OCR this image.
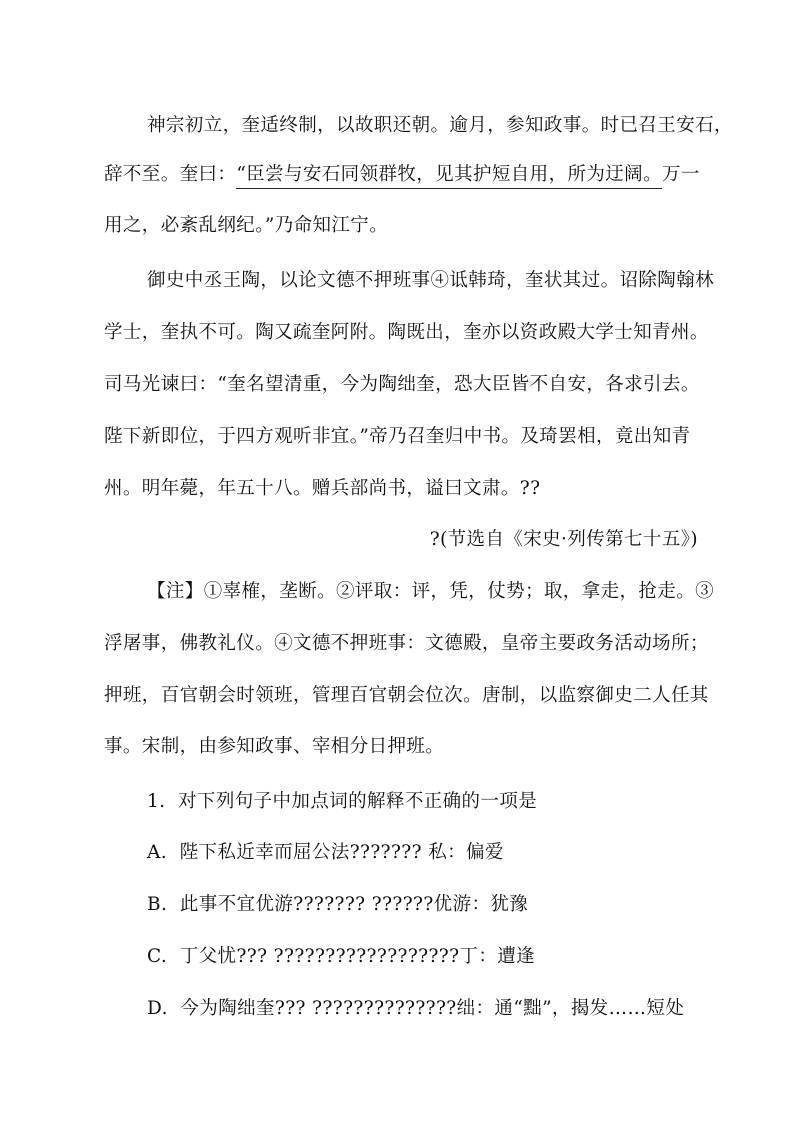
神宗初立，奎适终制，以故职还朝。逾月，参知政事。时已召王安石，
辞不至。奎曰：“臣尝与安石同领群牧，见其护短自用，所为迂阔。万一
用之，必紊乱纲纪。”乃命知江宁。
御史中丞王陶，以论文德不押班事④诋韩琦，奎状其过。诏除陶翰林
学士，奎执不可。陶又疏奎阿附。陶既出，奎亦以资政殿大学士知青州。
司马光谏曰：“奎名望清重，今为陶绌奎，恐大臣皆不自安，各求引去。
陛下新即位，于四方观听非宜。”帝乃召奎归中书。及琦罢相，竟出知青
州。明年薨，年五十八。赠兵部尚书，谥曰文肃。??
?(节选自《宋史·列传第七十五》)
【注】①辜榷，垄断。②评取：评，凭，仗势；取，拿走，抢走。③
浮屠事，佛教礼仪。④文德不押班事：文德殿，皇帝主要政务活动场所；
押班，百官朝会时领班，管理百官朝会位次。唐制，以监察御史二人任其
事。宋制，由参知政事、宰相分日押班。
1. 对下列句子中加点词的解释不正确的一项是
A. 陛下私近幸而屈公法??????? 私：偏爱
B. 此事不宜优游??????? ??????优游：犹豫
C. 丁父忧??? ??????????????????丁：遭逢
D. 今为陶绌奎??? ??????????????绌：通“黜”，揭发……短处
